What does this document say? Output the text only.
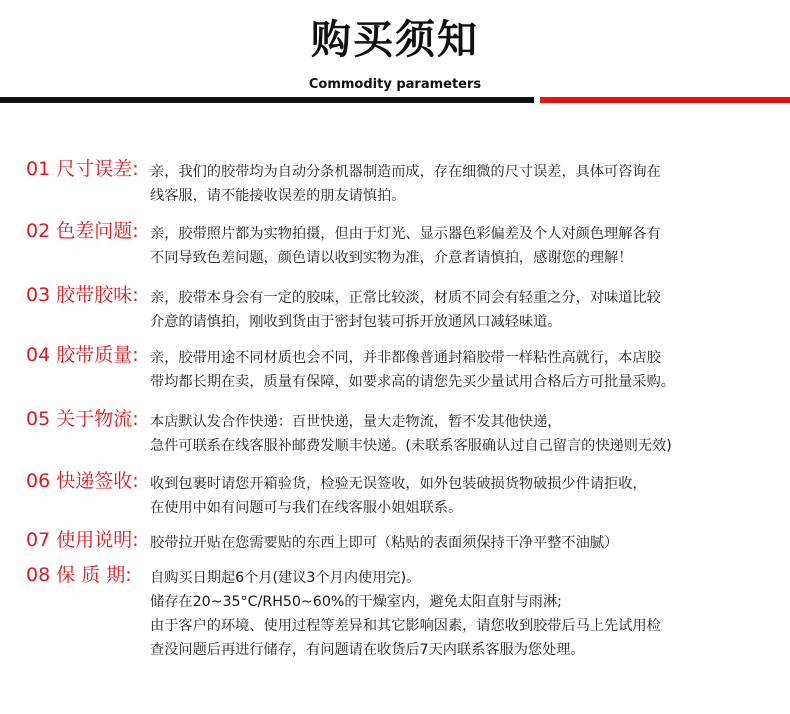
购买须知
Commodity parameters
01 尺寸误差: 亲，我们的胶带均为自动分条机器制造而成，存在细微的尺寸误差，具体可咨询在
线客服，请不能接收误差的朋友请慎拍。
02 色差问题: 亲，胶带照片都为实物拍摄，但由于灯光、显示器色彩偏差及个人对颜色理解各有
不同导致色差问题，颜色请以收到实物为准，介意者请慎拍，感谢您的理解！
03 胶带胶味: 亲，胶带本身会有一定的胶味，正常比较淡，材质不同会有轻重之分，对味道比较
介意的请慎拍，刚收到货由于密封包装可拆开放通风口减轻味道。
04 胶带质量: 亲，胶带用途不同材质也会不同，并非都像普通封箱胶带一样粘性高就行，本店胶
带均都长期在卖，质量有保障，如要求高的请您先买少量试用合格后方可批量采购。
05 关于物流: 本店默认发合作快递：百世快递，量大走物流，暂不发其他快递，
急件可联系在线客服补邮费发顺丰快递。(未联系客服确认过自己留言的快递则无效)
06 快递签收: 收到包裹时请您开箱验货，检验无误签收，如外包装破损货物破损少件请拒收，
在使用中如有问题可与我们在线客服小姐姐联系。
07 使用说明: 胶带拉开贴在您需要贴的东西上即可（粘贴的表面须保持干净平整不油腻）
08 保 质 期: 自购买日期起6个月(建议3个月内使用完)。
储存在20~35°C/RH50~60%的干燥室内，避免太阳直射与雨淋;
由于客户的环境、使用过程等差异和其它影响因素，请您收到胶带后马上先试用检
查没问题后再进行储存，有问题请在收货后7天内联系客服为您处理。
